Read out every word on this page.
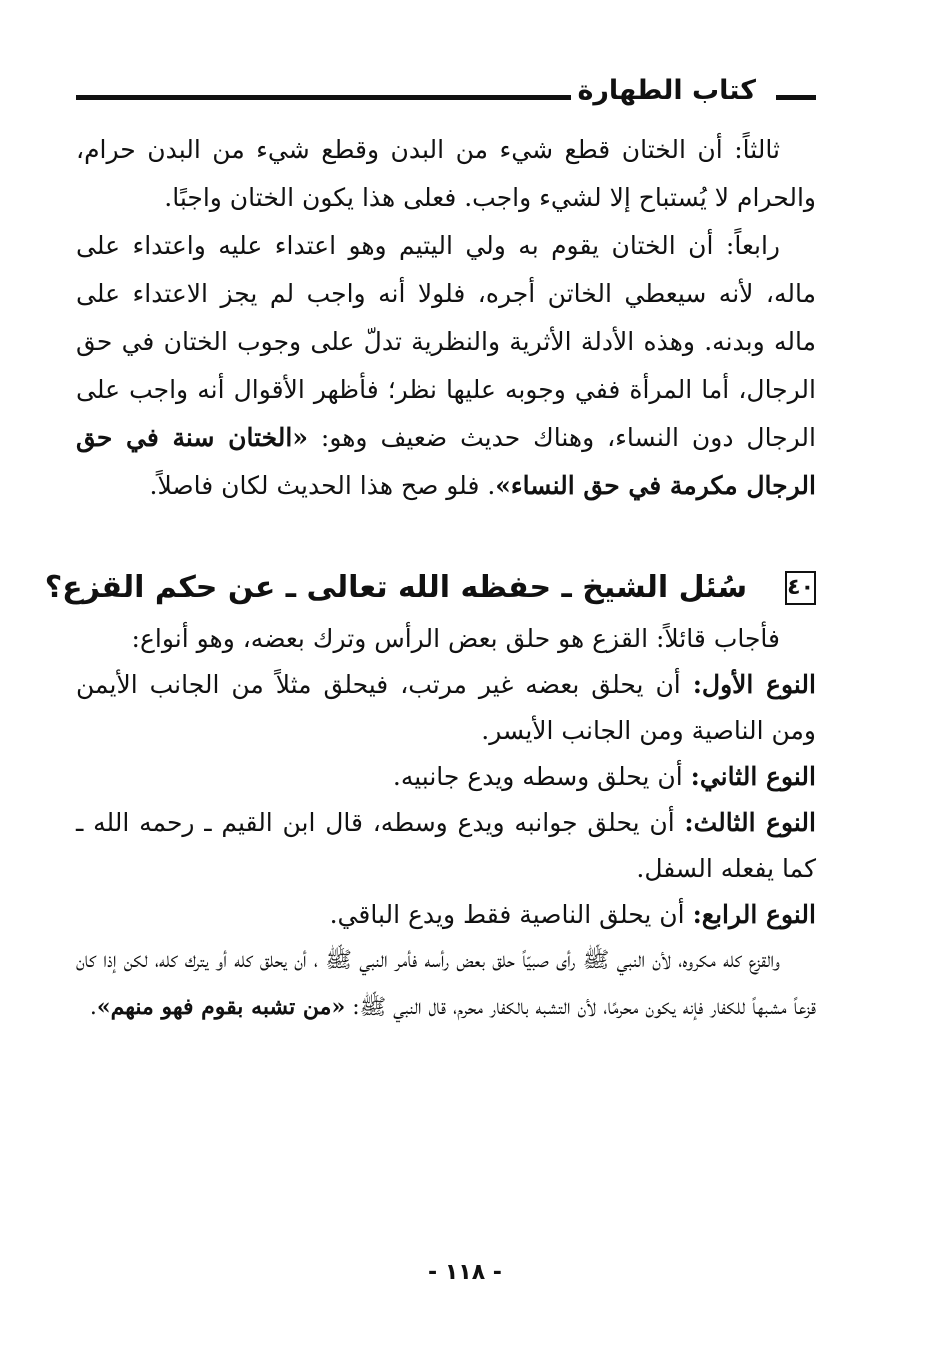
كتاب الطهارة

ثالثاً: أن الختان قطع شيء من البدن وقطع شيء من البدن حرام، والحرام لا يُستباح إلا لشيء واجب. فعلى هذا يكون الختان واجبًا.

رابعاً: أن الختان يقوم به ولي اليتيم وهو اعتداء عليه واعتداء على ماله، لأنه سيعطي الخاتن أجره، فلولا أنه واجب لم يجز الاعتداء على ماله وبدنه. وهذه الأدلة الأثرية والنظرية تدلّ على وجوب الختان في حق الرجال، أما المرأة ففي وجوبه عليها نظر؛ فأظهر الأقوال أنه واجب على الرجال دون النساء، وهناك حديث ضعيف وهو: «الختان سنة في حق الرجال مكرمة في حق النساء». فلو صح هذا الحديث لكان فاصلاً.

٤٠
سُئل الشيخ ـ حفظه الله تعالى ـ عن حكم القزع؟

فأجاب قائلاً: القزع هو حلق بعض الرأس وترك بعضه، وهو أنواع:

النوع الأول: أن يحلق بعضه غير مرتب، فيحلق مثلاً من الجانب الأيمن ومن الناصية ومن الجانب الأيسر.

النوع الثاني: أن يحلق وسطه ويدع جانبيه.

النوع الثالث: أن يحلق جوانبه ويدع وسطه، قال ابن القيم ـ رحمه الله ـ كما يفعله السفل.

النوع الرابع: أن يحلق الناصية فقط ويدع الباقي.

والقزع كله مكروه، لأن النبي ﷺ رأى صبيّاً حلق بعض رأسه فأمر النبي ﷺ ، أن يحلق كله أو يترك كله، لكن إذا كان قزعاً مشبهاً للكفار فإنه يكون محرمًا، لأن التشبه بالكفار محرم، قال النبي ﷺ: «من تشبه بقوم فهو منهم».

- ١١٨ -
